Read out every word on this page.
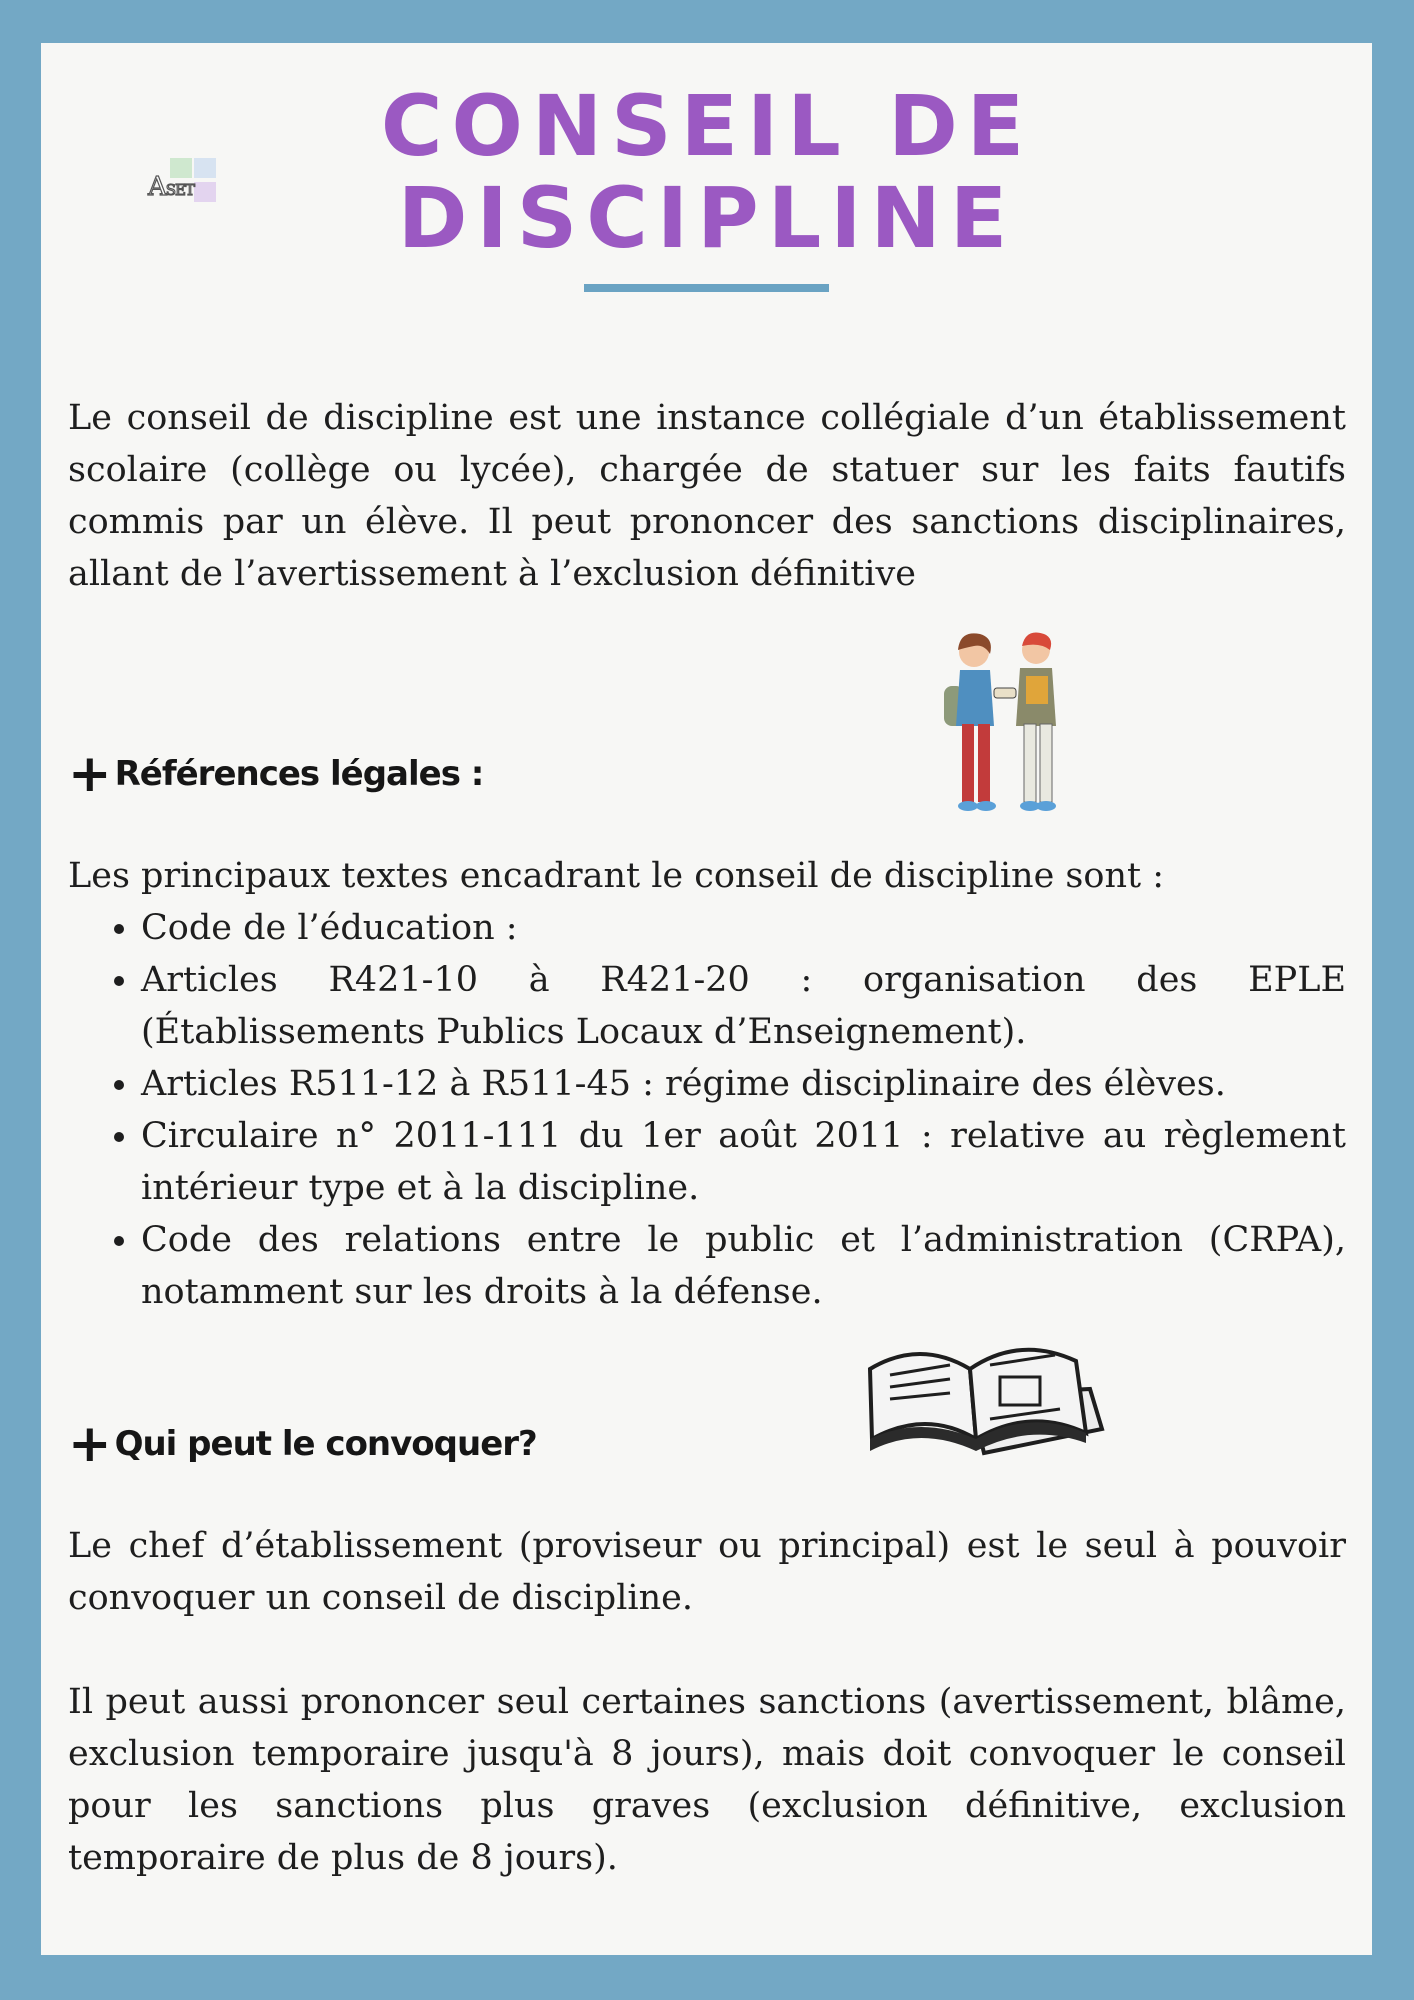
ASET
CONSEIL DE
DISCIPLINE
Le conseil de discipline est une instance collégiale d’un établissement scolaire (collège ou lycée), chargée de statuer sur les faits fautifs commis par un élève. Il peut prononcer des sanctions disciplinaires, allant de l’avertissement à l’exclusion définitive
+ Références légales :
Les principaux textes encadrant le conseil de discipline sont :
• Code de l’éducation :
• Articles R421-10 à R421-20 : organisation des EPLE (Établissements Publics Locaux d’Enseignement).
• Articles R511-12 à R511-45 : régime disciplinaire des élèves.
• Circulaire n° 2011-111 du 1er août 2011 : relative au règlement intérieur type et à la discipline.
• Code des relations entre le public et l’administration (CRPA), notamment sur les droits à la défense.
+ Qui peut le convoquer?
Le chef d’établissement (proviseur ou principal) est le seul à pouvoir convoquer un conseil de discipline.
Il peut aussi prononcer seul certaines sanctions (avertissement, blâme, exclusion temporaire jusqu'à 8 jours), mais doit convoquer le conseil pour les sanctions plus graves (exclusion définitive, exclusion temporaire de plus de 8 jours).
